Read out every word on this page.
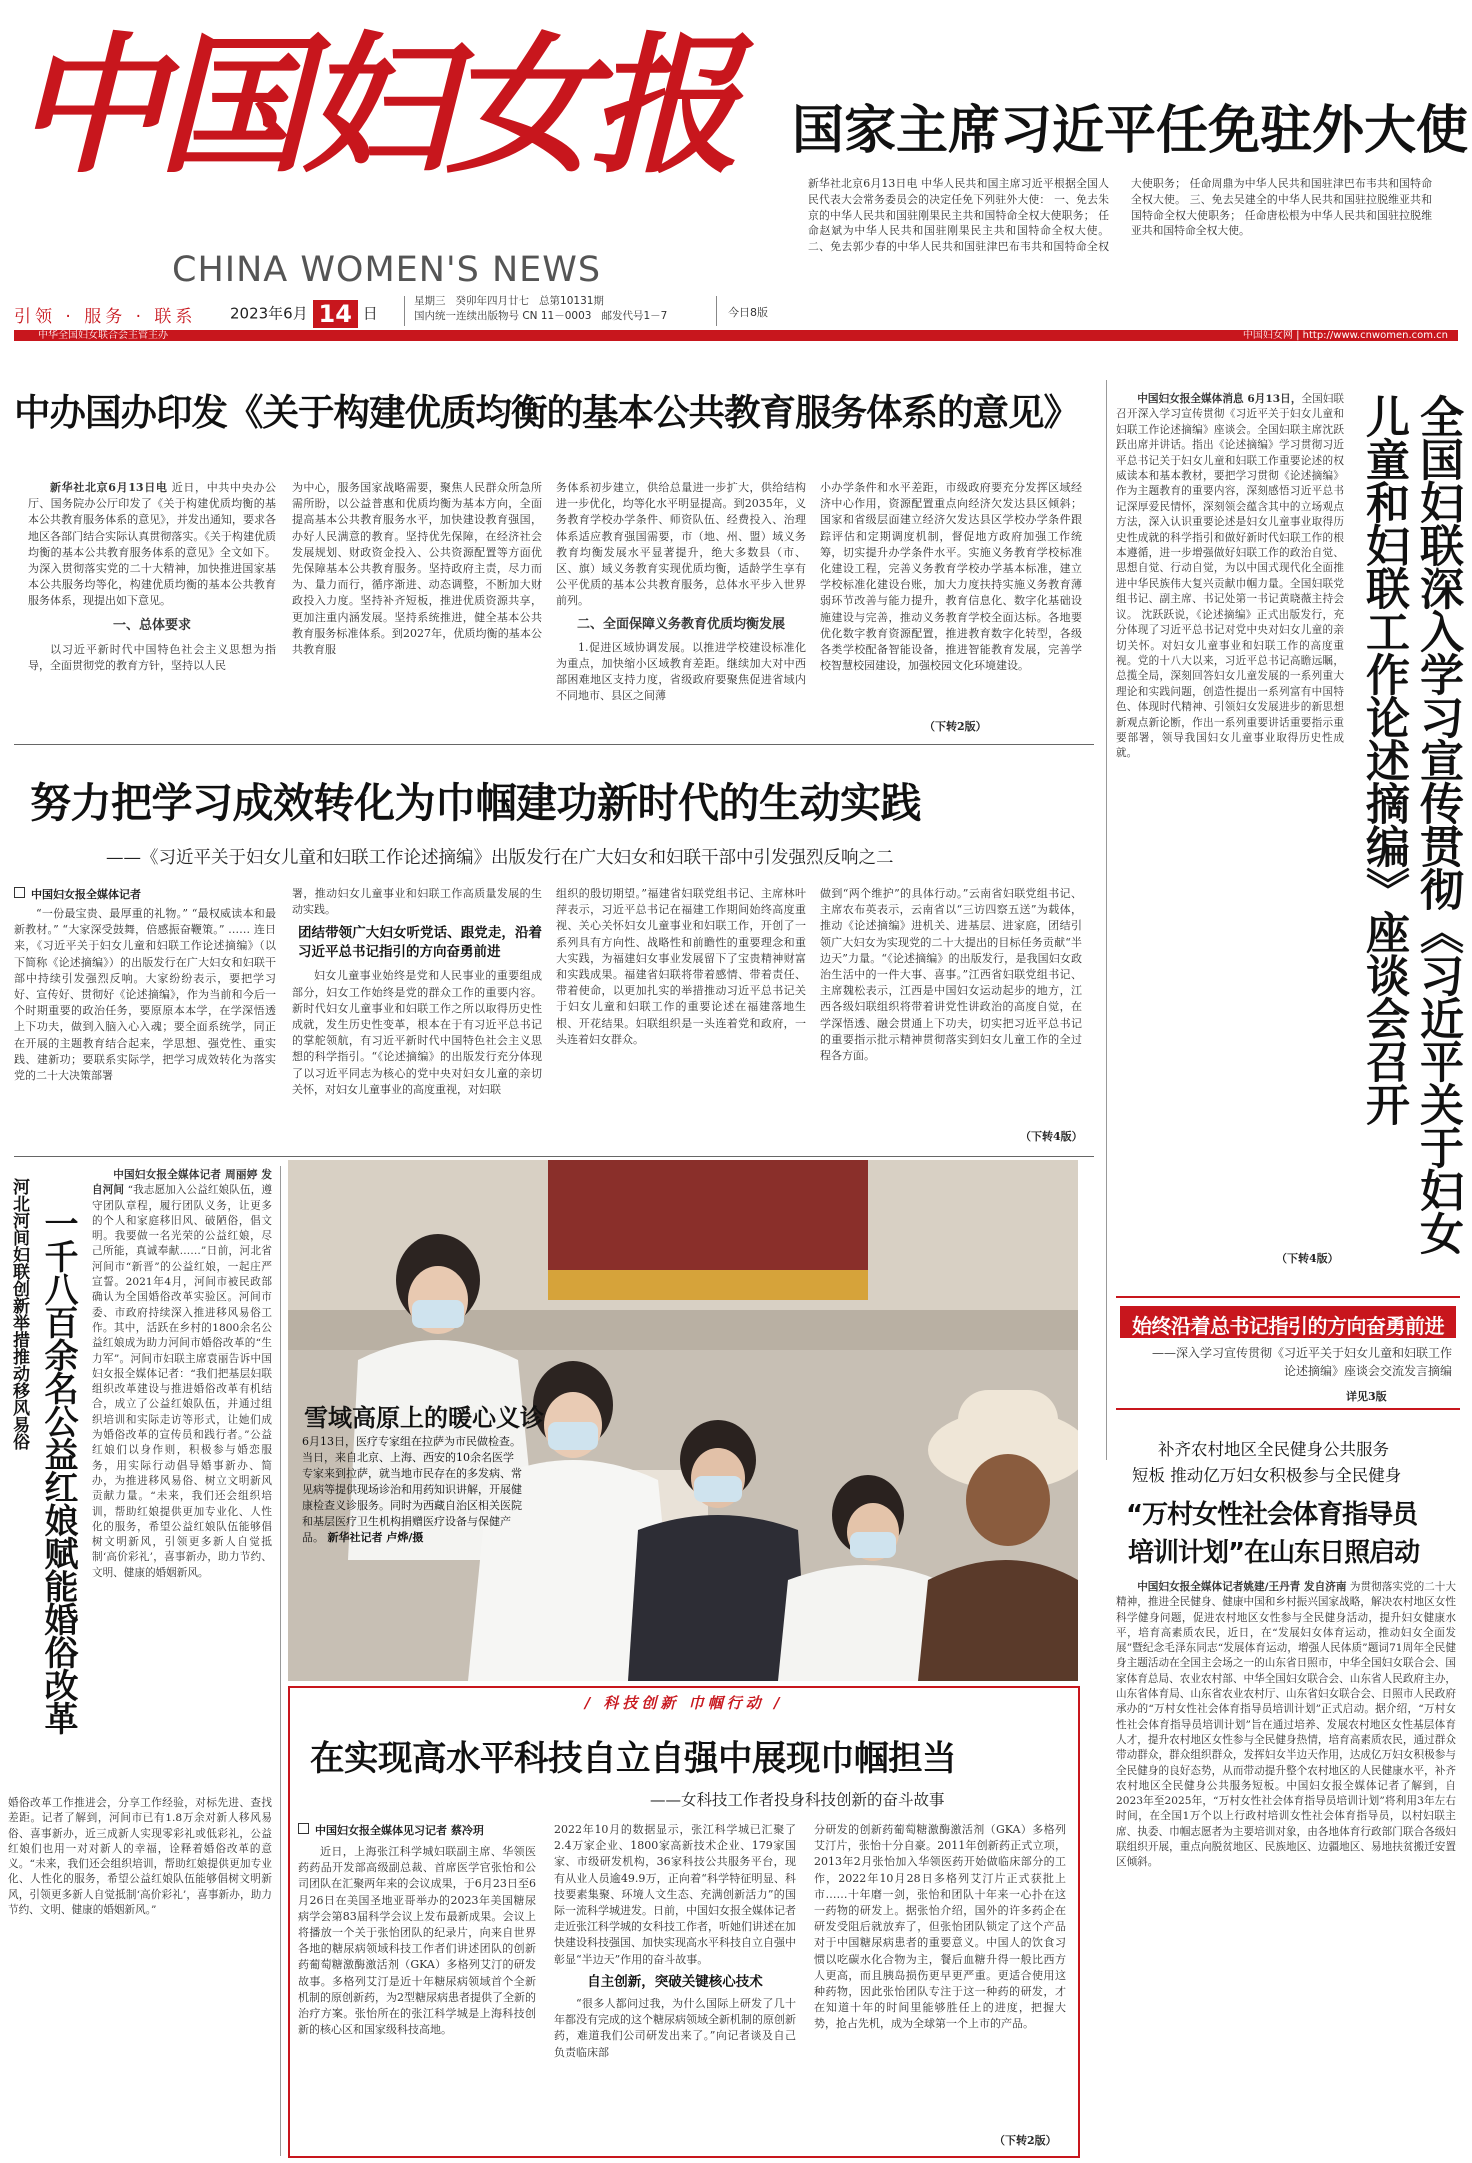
中国妇女报
CHINA WOMEN'S NEWS
国家主席习近平任免驻外大使
新华社北京6月13日电 中华人民共和国主席习近平根据全国人民代表大会常务委员会的决定任免下列驻外大使： 一、免去朱京的中华人民共和国驻刚果民主共和国特命全权大使职务； 任命赵斌为中华人民共和国驻刚果民主共和国特命全权大使。 二、免去郭少春的中华人民共和国驻津巴布韦共和国特命全权大使职务； 任命周鼎为中华人民共和国驻津巴布韦共和国特命全权大使。 三、免去吴建全的中华人民共和国驻拉脱维亚共和国特命全权大使职务； 任命唐松根为中华人民共和国驻拉脱维亚共和国特命全权大使。
引领 · 服务 · 联系 2023年6月 14 日
星期三 癸卯年四月廿七 总第10131期
国内统一连续出版物号 CN 11－0003 邮发代号1－7	今日8版
中华全国妇女联合会主管主办	中国妇女网 | http://www.cnwomen.com.cn
中办国办印发《关于构建优质均衡的基本公共教育服务体系的意见》

新华社北京6月13日电 近日，中共中央办公厅、国务院办公厅印发了《关于构建优质均衡的基本公共教育服务体系的意见》，并发出通知，要求各地区各部门结合实际认真贯彻落实。《关于构建优质均衡的基本公共教育服务体系的意见》全文如下。为深入贯彻落实党的二十大精神，加快推进国家基本公共服务均等化，构建优质均衡的基本公共教育服务体系，现提出如下意见。

一、总体要求

以习近平新时代中国特色社会主义思想为指导，全面贯彻党的教育方针，坚持以人民

为中心，服务国家战略需要，聚焦人民群众所急所需所盼，以公益普惠和优质均衡为基本方向，全面提高基本公共教育服务水平，加快建设教育强国，办好人民满意的教育。坚持优先保障，在经济社会发展规划、财政资金投入、公共资源配置等方面优先保障基本公共教育服务。坚持政府主责，尽力而为、量力而行，循序渐进、动态调整，不断加大财政投入力度。坚持补齐短板，推进优质资源共享，更加注重内涵发展。坚持系统推进，健全基本公共教育服务标准体系。到2027年，优质均衡的基本公共教育服

务体系初步建立，供给总量进一步扩大，供给结构进一步优化，均等化水平明显提高。到2035年，义务教育学校办学条件、师资队伍、经费投入、治理体系适应教育强国需要，市（地、州、盟）域义务教育均衡发展水平显著提升，绝大多数县（市、区、旗）域义务教育实现优质均衡，适龄学生享有公平优质的基本公共教育服务，总体水平步入世界前列。

二、全面保障义务教育优质均衡发展

1.促进区域协调发展。以推进学校建设标准化为重点，加快缩小区域教育差距。继续加大对中西部困难地区支持力度，省级政府要聚焦促进省域内不同地市、县区之间薄

小办学条件和水平差距，市级政府要充分发挥区域经济中心作用，资源配置重点向经济欠发达县区倾斜；国家和省级层面建立经济欠发达县区学校办学条件跟踪评估和定期调度机制，督促地方政府加强工作统筹，切实提升办学条件水平。实施义务教育学校标准化建设工程，完善义务教育学校办学基本标准，建立学校标准化建设台账，加大力度扶持实施义务教育薄弱环节改善与能力提升，教育信息化、数字化基础设施建设与完善，推动义务教育学校全面达标。各地要优化数字教育资源配置，推进教育数字化转型，各级各类学校配备智能设备，推进智能教育发展，完善学校智慧校园建设，加强校园文化环境建设。

（下转2版）

中国妇女报全媒体消息 6月13日，全国妇联召开深入学习宣传贯彻《习近平关于妇女儿童和妇联工作论述摘编》座谈会。全国妇联主席沈跃跃出席并讲话。指出《论述摘编》学习贯彻习近平总书记关于妇女儿童和妇联工作重要论述的权威读本和基本教材，要把学习贯彻《论述摘编》作为主题教育的重要内容，深刻感悟习近平总书记深厚爱民情怀，深刻领会蕴含其中的立场观点方法，深入认识重要论述是妇女儿童事业取得历史性成就的科学指引和做好新时代妇联工作的根本遵循，进一步增强做好妇联工作的政治自觉、思想自觉、行动自觉，为以中国式现代化全面推进中华民族伟大复兴贡献巾帼力量。全国妇联党组书记、副主席、书记处第一书记黄晓薇主持会议。 沈跃跃说，《论述摘编》正式出版发行，充分体现了习近平总书记对党中央对妇女儿童的亲切关怀。对妇女儿童事业和妇联工作的高度重视。党的十八大以来，习近平总书记高瞻远瞩，总揽全局，深刻回答妇女儿童发展的一系列重大理论和实践问题，创造性提出一系列富有中国特色、体现时代精神、引领妇女发展进步的新思想新观点新论断，作出一系列重要讲话重要指示重要部署，领导我国妇女儿童事业取得历史性成就。

（下转4版）
全国妇联深入学习宣传贯彻《习近平关于妇女儿童和妇联工作论述摘编》座谈会召开
始终沿着总书记指引的方向奋勇前进
——深入学习宣传贯彻《习近平关于妇女儿童和妇联工作论述摘编》座谈会交流发言摘编
详见3版
努力把学习成效转化为巾帼建功新时代的生动实践
——《习近平关于妇女儿童和妇联工作论述摘编》出版发行在广大妇女和妇联干部中引发强烈反响之二
中国妇女报全媒体记者

“一份最宝贵、最厚重的礼物。” “最权威读本和最新教材。” “大家深受鼓舞，倍感振奋鞭策。” …… 连日来，《习近平关于妇女儿童和妇联工作论述摘编》（以下简称《论述摘编》）的出版发行在广大妇女和妇联干部中持续引发强烈反响。大家纷纷表示，要把学习好、宣传好、贯彻好《论述摘编》，作为当前和今后一个时期重要的政治任务，要原原本本学，在学深悟透上下功夫，做到入脑入心入魂；要全面系统学，同正在开展的主题教育结合起来，学思想、强党性、重实践、建新功；要联系实际学，把学习成效转化为落实党的二十大决策部署

署，推动妇女儿童事业和妇联工作高质量发展的生动实践。

团结带领广大妇女听党话、跟党走，沿着习近平总书记指引的方向奋勇前进

妇女儿童事业始终是党和人民事业的重要组成部分，妇女工作始终是党的群众工作的重要内容。新时代妇女儿童事业和妇联工作之所以取得历史性成就，发生历史性变革，根本在于有习近平总书记的掌舵领航，有习近平新时代中国特色社会主义思想的科学指引。“《论述摘编》的出版发行充分体现了以习近平同志为核心的党中央对妇女儿童的亲切关怀，对妇女儿童事业的高度重视，对妇联

组织的殷切期望。”福建省妇联党组书记、主席林叶萍表示，习近平总书记在福建工作期间始终高度重视、关心关怀妇女儿童事业和妇联工作，开创了一系列具有方向性、战略性和前瞻性的重要理念和重大实践，为福建妇女事业发展留下了宝贵精神财富和实践成果。福建省妇联将带着感情、带着责任、带着使命，以更加扎实的举措推动习近平总书记关于妇女儿童和妇联工作的重要论述在福建落地生根、开花结果。妇联组织是一头连着党和政府，一头连着妇女群众。

做到“两个维护”的具体行动。”云南省妇联党组书记、主席农布英表示，云南省以“三访四察五送”为载体，推动《论述摘编》进机关、进基层、进家庭，团结引领广大妇女为实现党的二十大提出的目标任务贡献“半边天”力量。“《论述摘编》的出版发行，是我国妇女政治生活中的一件大事、喜事。”江西省妇联党组书记、主席魏松表示，江西是中国妇女运动起步的地方，江西各级妇联组织将带着讲党性讲政治的高度自觉，在学深悟透、融会贯通上下功夫，切实把习近平总书记的重要指示批示精神贯彻落实到妇女儿童工作的全过程各方面。

（下转4版）
河北河间妇联创新举措推动移风易俗 一千八百余名公益红娘赋能婚俗改革

中国妇女报全媒体记者 周丽婷 发自河间 “我志愿加入公益红娘队伍，遵守团队章程，履行团队义务，让更多的个人和家庭移旧风、破陋俗，倡文明。我要做一名光荣的公益红娘，尽己所能，真诚奉献……”日前，河北省河间市“新晋”的公益红娘，一起庄严宣誓。2021年4月，河间市被民政部确认为全国婚俗改革实验区。河间市委、市政府持续深入推进移风易俗工作。其中，活跃在乡村的1800余名公益红娘成为助力河间市婚俗改革的“生力军”。河间市妇联主席袁丽告诉中国妇女报全媒体记者：“我们把基层妇联组织改革建设与推进婚俗改革有机结合，成立了公益红娘队伍，并通过组织培训和实际走访等形式，让她们成为婚俗改革的宣传员和践行者。”公益红娘们以身作则，积极参与婚恋服务，用实际行动倡导婚事新办、简办，为推进移风易俗、树立文明新风贡献力量。“未来，我们还会组织培训，帮助红娘提供更加专业化、人性化的服务，希望公益红娘队伍能够倡树文明新风，引领更多新人自觉抵制‘高价彩礼’，喜事新办，助力节约、文明、健康的婚姻新风。

婚俗改革工作推进会，分享工作经验，对标先进、查找差距。记者了解到，河间市已有1.8万余对新人移风易俗、喜事新办，近三成新人实现零彩礼或低彩礼，公益红娘们也用一对对新人的幸福，诠释着婚俗改革的意义。“未来，我们还会组织培训，帮助红娘提供更加专业化、人性化的服务，希望公益红娘队伍能够倡树文明新风，引领更多新人自觉抵制‘高价彩礼’，喜事新办，助力节约、文明、健康的婚姻新风。”

雪域高原上的暖心义诊
6月13日，医疗专家组在拉萨为市民做检查。当日，来自北京、上海、西安的10余名医学专家来到拉萨，就当地市民存在的多发病、常见病等提供现场诊治和用药知识讲解，开展健康检查义诊服务。同时为西藏自治区相关医院和基层医疗卫生机构捐赠医疗设备与保健产品。 新华社记者 卢烨/摄
/ 科技创新 巾帼行动 /
在实现高水平科技自立自强中展现巾帼担当
——女科技工作者投身科技创新的奋斗故事
中国妇女报全媒体见习记者 蔡冷玥

近日，上海张江科学城妇联副主席、华领医药药品开发部高级副总裁、首席医学官张怡和公司团队在汇聚两年来的会议成果，于6月23日至6月26日在美国圣地亚哥举办的2023年美国糖尿病学会第83届科学会议上发布最新成果。会议上将播放一个关于张怡团队的纪录片，向来自世界各地的糖尿病领域科技工作者们讲述团队的创新药葡萄糖激酶激活剂（GKA）多格列艾汀的研发故事。多格列艾汀是近十年糖尿病领域首个全新机制的原创新药，为2型糖尿病患者提供了全新的治疗方案。张怡所在的张江科学城是上海科技创新的核心区和国家级科技高地。

2022年10月的数据显示，张江科学城已汇聚了2.4万家企业、1800家高新技术企业、179家国家、市级研发机构，36家科技公共服务平台，现有从业人员逾49.9万，正向着“科学特征明显、科技要素集聚、环境人文生态、充满创新活力”的国际一流科学城进发。日前，中国妇女报全媒体记者走近张江科学城的女科技工作者，听她们讲述在加快建设科技强国、加快实现高水平科技自立自强中彰显“半边天”作用的奋斗故事。

自主创新，突破关键核心技术

“很多人都问过我，为什么国际上研发了几十年都没有完成的这个糖尿病领域全新机制的原创新药，难道我们公司研发出来了。”向记者谈及自己负责临床部

分研发的创新药葡萄糖激酶激活剂（GKA）多格列艾汀片，张怡十分自豪。2011年创新药正式立项，2013年2月张怡加入华领医药开始做临床部分的工作，2022年10月28日多格列艾汀片正式获批上市……十年磨一剑，张怡和团队十年来一心扑在这一药物的研发上。据张怡介绍，国外的许多药企在研发受阻后就放弃了，但张怡团队锁定了这个产品对于中国糖尿病患者的重要意义。中国人的饮食习惯以吃碳水化合物为主，餐后血糖升得一般比西方人更高，而且胰岛损伤更早更严重。更适合使用这种药物，因此张怡团队专注于这一种药的研发，才在知道十年的时间里能够胜任上的进度，把握大势，抢占先机，成为全球第一个上市的产品。

（下转2版）
补齐农村地区全民健身公共服务
短板 推动亿万妇女积极参与全民健身
“万村女性社会体育指导员
培训计划”在山东日照启动

中国妇女报全媒体记者姚建/王丹青 发自济南 为贯彻落实党的二十大精神，推进全民健身、健康中国和乡村振兴国家战略，解决农村地区女性科学健身问题，促进农村地区女性参与全民健身活动，提升妇女健康水平，培育高素质农民，近日，在“发展妇女体育运动，推动妇女全面发展”暨纪念毛泽东同志“发展体育运动，增强人民体质”题词71周年全民健身主题活动在全国主会场之一的山东省日照市，中华全国妇女联合会、国家体育总局、农业农村部、中华全国妇女联合会、山东省人民政府主办，山东省体育局、山东省农业农村厅、山东省妇女联合会、日照市人民政府承办的“万村女性社会体育指导员培训计划”正式启动。据介绍，“万村女性社会体育指导员培训计划”旨在通过培养、发展农村地区女性基层体育人才，提升农村地区女性参与全民健身热情，培育高素质农民，通过群众带动群众，群众组织群众，发挥妇女半边天作用，达成亿万妇女积极参与全民健身的良好态势，从而带动提升整个农村地区的人民健康水平，补齐农村地区全民健身公共服务短板。中国妇女报全媒体记者了解到，自2023年至2025年，“万村女性社会体育指导员培训计划”将利用3年左右时间，在全国1万个以上行政村培训女性社会体育指导员，以村妇联主席、执委、巾帼志愿者为主要培训对象，由各地体育行政部门联合各级妇联组织开展，重点向脱贫地区、民族地区、边疆地区、易地扶贫搬迁安置区倾斜。
